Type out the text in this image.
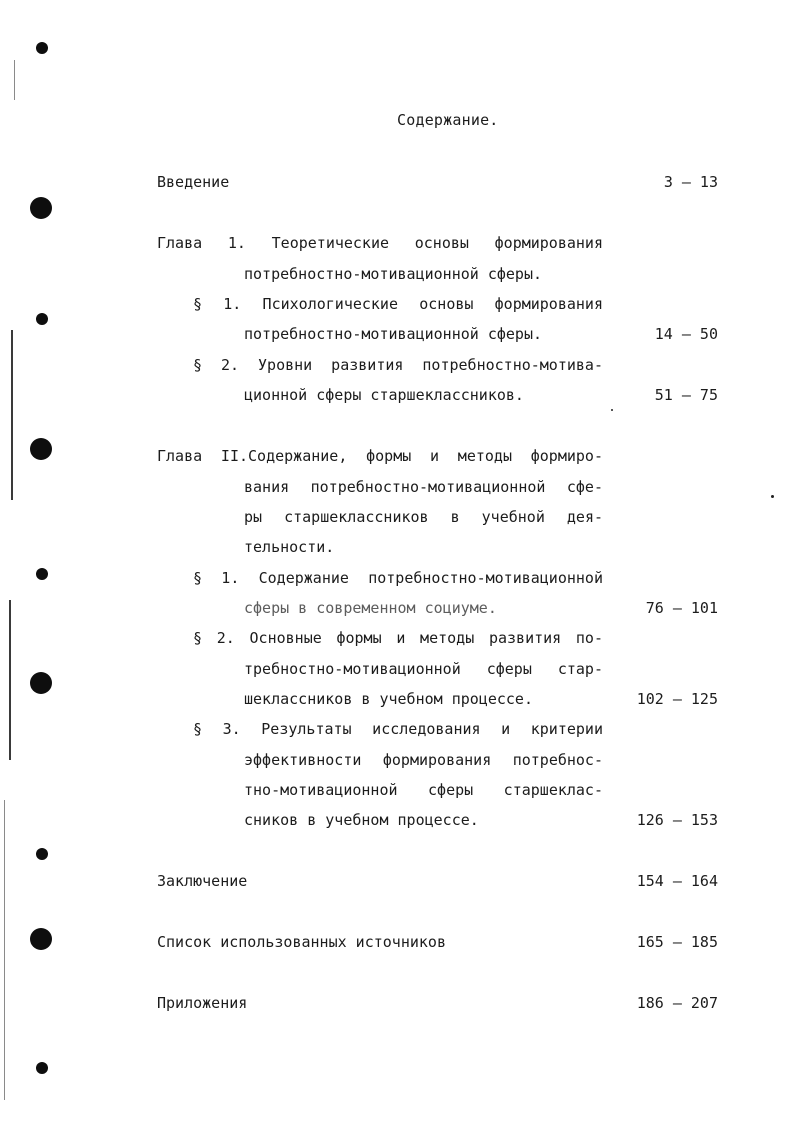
Содержание.
Введение	3 – 13
Глава 1. Теоретические основы формирования
потребностно-мотивационной сферы.
§ 1. Психологические основы формирования
потребностно-мотивационной сферы.	14 – 50
§ 2. Уровни развития потребностно-мотива-
ционной сферы старшеклассников.	51 – 75
Глава II.Содержание, формы и методы формиро-
вания потребностно-мотивационной сфе-
ры старшеклассников в учебной дея-
тельности.
§ 1. Содержание потребностно-мотивационной
сферы в современном социуме.	76 – 101
§ 2. Основные формы и методы развития по-
требностно-мотивационной сферы стар-
шеклассников в учебном процессе.	102 – 125
§ 3. Результаты исследования и критерии
эффективности формирования потребнос-
тно-мотивационной сферы старшеклас-
сников в учебном процессе.	126 – 153
Заключение	154 – 164
Список использованных источников	165 – 185
Приложения	186 – 207
